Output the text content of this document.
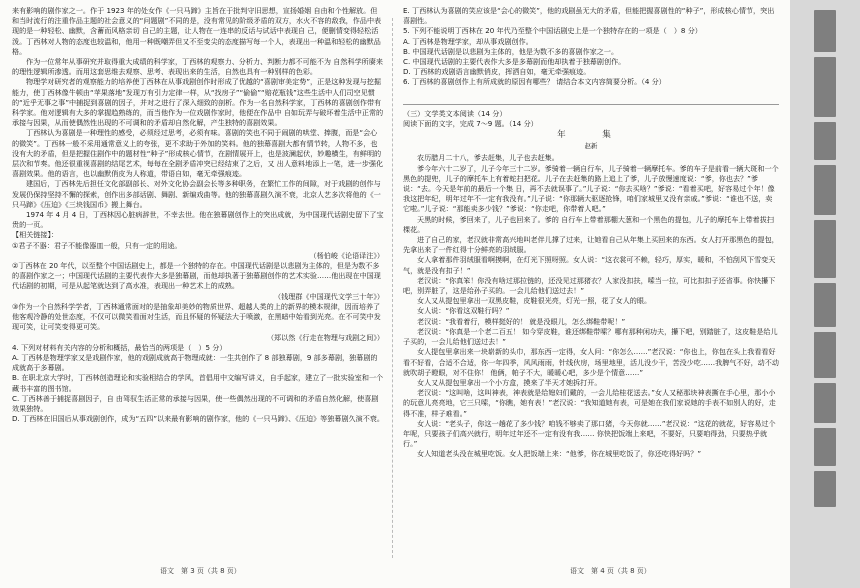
来有影响的剧作家之一。作于 1923 年的处女作《一只马蹄》主旨在于批判守旧思想，宣扬婚姻 自由和个性解放。但和当时流行的注重作品主题的社会意义的“问题剧”不同的是，没有常见的阶级矛盾的双方，水火不容的敌我，作品中表现的是一种轻松、幽默，含蓄而风格亲切 自己的主题，让人物在一连串的反话与试话中表现自 己，便删情变得轻松活泼。丁西林对人物的态度也较温和，他用一种既嘲弄但又不至变尖的态度描写每一个人，表现出一种温和轻松的幽默品格。

作为一位常年从事研究并取得重大成绩的科学家，丁西林的观察力、分析力、判断力都不可能不为 自然科学所赓来的理性逻辑所渗透。而用这套思维去观察、思考、表现出来的生活，自然也具有一种别样的色彩。

物理学对研究者的观察能力的培养使丁西林在从事戏剧创作时形成了优越的“喜剧审美定势”，正是这种发现与挖掘能力，使丁西林像牛顿由“苹果落地”发现万有引力定律一样，从“找房子”“偷偷”“赔花瓶钱”这些生活中人们司空见惯的“近乎无事之事”中捕捉到喜剧的因子，并对之进行了深入细致的剖析。作为一名自然科学家，丁西林的喜剧创作带有科学家。他对逻辑有大多的掌握趋熟练的，而当他作为一位戏剧作家时，他便在作品中 自如玩弄与破坏着生活中正常的承接与因果，从而使偶然性出现的不可调和的矛盾却自然化解，产生独特的喜剧效果。

丁西林认为喜剧是一种理性的感受，必须经过思考，必须有味。喜剧的笑也不同于闹剧的哄堂、捧腹，而是“会心的微笑”。丁西林一般不采用通常意义上的夸张，更不求助于外加的笑料。他的独幕喜剧大都有情节转，人物不多，也没有大的矛盾，但是把握住剧作中的题材性“种子”形成核心情节，在剧情展开上，也是波澜起伏，妙趣横生，有鲜明的层次和节奏。他还很重视喜剧的结尾艺术，每每在全剧矛盾冲突已经结束了之后，又 出人意料地添上一笔，进一步强化喜剧效果。他的语言，也以幽默俏皮为人称道，带语自如，毫无牵强痕迹。

建国后，丁西林先后担任文化部副部长、对外文化协会副会长等多种职务，在繁忙工作的间隙，对于戏剧的创作与发展仍保持坚持不懈的探索，创作出多部话剧、舞剧、新编戏曲等。他的独幕喜剧久演不衰，北京人艺多次将他的《一只马蹄》《压迫》《三块钱国币》搬上舞台。

1974 年 4 月 4 日，丁西林因心脏病辞世，不幸去世。他在独幕剧创作上的突出成就，为中国现代话剧史留下了宝贵的一页。

【相关链接】：

①君子不器：君子不能像器皿一般，只有一定的用途。

（杨伯峻《论语译注》）

②丁西林在 20 年代，以至整个中国话剧史上，都是一个独特的存在。中国现代话剧是以悲剧为主体的，但是为数不多的喜剧作家之一；中国现代话剧的主要代表作大多是独幕剧，而他却执著于独幕剧创作的艺术实验……他出现在中国现代话剧的初期，可是从起笔就达到了高水准，表现出一种艺术上的成熟。

（钱理群《中国现代文学三十年》）

③作为一个自然科学学者，丁西林通常面对的是抽象却美妙的物质世界、超越人类的上的新界的模本规律，因而培养了他客观冷静的处世态度，不仅可以微笑看面对生活，而且怀疑的怀疑法大于喷激，在黑暗中始看到光亮。在不可笑中发现可笑，让可笑变得更可笑。

（郑以然《行走在物理与戏剧之间》）

4. 下列对材料有关内容的分析和概括，最恰当的两项是（　）5 分）

A. 丁西林是物理学家又是戏剧作家，他的戏剧成就高于物理成就：一生共创作了 8 部独幕剧，9 部多幕剧，独幕剧的成就高于多幕剧。

B. 在职北京大学时，丁西林创造理论和实验相结合的学风，首倡用中文编写讲义，自手起家，建立了一批实验室和一个藏书丰富的图书馆。

C. 丁西林善于捕捉喜剧因子，自 由驾驭生活正常的承接与因果，使一些偶然出现的不可调和的矛盾自然化解，使喜剧效果独特。

D. 丁西林在旧国后从事戏剧创作，成为“五四”以来最有影响的剧作家，他的《一只马蹄》、《压迫》等独幕剧久演不衰。

E. 丁西林认为喜剧的笑应该是“会心的微笑”，他的戏剧虽无大的矛盾，但能把握喜剧性的“种子”，形成核心情节，突出喜剧性。

5. 下列不能说明丁西林在 20 年代乃至整个中国话剧史上是一个独特存在的一项是（　）8 分）

A. 丁西林是物理学家，却从事戏剧创作。

B. 中国现代话剧是以悲剧为主体的，他是为数不多的喜剧作家之一。

C. 中国现代话剧的主要代表作大多是多幕剧而他却执着于独幕剧创作。

D. 丁西林的戏剧语言幽默俏皮，挥洒自如，毫无牵强痕迹。

6. 丁西林的喜剧创作上有所成就的原因有哪些？ 请结合本文内容简要分析。（4 分）

（三）文学类文本阅读（14 分）

阅读下面的文字，完成 7～9 题。（14 分）

年　集

赵新

农历腊月二十八，爹去赶集，儿子也去赶集。

爹今年六十二岁了，儿子今年三十二岁。爹骑着一辆自行车，儿子骑着一辆摩托车。爹的车子是前看一辆大斑和一个黑色的提兜，儿子的摩托车上有着蛇扫把花。儿子在去赶集的路上追上了爹，儿子放慢速度说：“爹，你也去？”爹说：“去。今天是年前的最后一个集 日，再不去就误事了。”儿子说：“你去买啥？”爹说：“看着买吧，好容易过个年！像我这把年纪，明年过年不一定有我没有。”儿子说：“你那辆大驱逐抢锋，咱们家城里又没有亲戚。”爹说：“谁也不送，卖它啦。”儿子说：“那能卖多少钱？”爹说：“你走吧，你带着人吧。”

天黑的时候，爹回来了，儿子也回来了。爹的 自行车上带着那棚大葱和一个黑色的提包，儿子的摩托车上带着拔扫棵花。

进了自己的家，老汉就非常高兴地叫老伴儿撑了过来，让她看自己从年集上买回来的东西。女人打开那黑色的提包，先拿出来了一件红得十分鲜亮的羽绒服。

女人拿着那件羽绒服看啊摸啊，在灯光下照呀照。女人说：“这衣裳可不赖，轻巧，厚实，暖和，不怕刮风下雪变天气，就是没有扣子！”

老汉说：“你真笨！你没有啥过那拉链的，还没见过那猪衣？人家没扣扶，嗦当一拉，可比扣扣子还省事。你快攥下吧，别弄脏了，这是给孙子买的。一会儿给他们送过去！”

女人又从提包里拿出一双黑皮鞋，皮鞋很光亮，灯光一照，花了女人的眼。

女人说：“你看这双鞋行吗？”

老汉说：“我看着行，模样挺好的！ 就是没眼儿，怎么绑鞋带呢！”

老汉说：“你真是一个老二百五！ 如今穿皮鞋，谁还绑鞋带嗦？哪有那种闲功夫，攥下吧，别踏脏了，这皮鞋是给儿子买的，一会儿给他们送过去！”

女人提包里拿出来一块崭新的头巾，那东西一定得，女人问：“你怎么……”老汉说：“你也上，你包在头上我看看好看不好看，合适不合适，你一年四季，风风雨雨，针线伙房，场里地里，活儿没少干，苦没少吃……我脾气不好，动不动就吹胡子瞪眼，对不住你！ 他俩，帕子不大，暖暖心吧，多少是个情意……”

女人又从提包里拿出一个小方盒，摸来了半天才她拆打开。

老汉说：“这叫啥，这叫神表，神表就是给媳妇们戴的，一会儿给桂花送去。”女人又秘那块神表撕在手心里，那小小的玩意儿亮亮地，它三只嗦，“你瞧，她有表！”老汉说：“我知道她有表，可是她在我们家说她的手表不如别人的好，走得不准，样子难看。”

女人说：“老头子，你这一趟花了多少钱？咱钱不够卖了那口猪，今天你就……”老汉说：“这花的就花，好容易过个年呢，只要孩子们高兴就行，明年过年还不一定有没有我…… 你快把饭端上来吧，不要好，只要咱得劲，只要热乎就行。”

女人知道老头没在城里吃饭。女人把饭端上来：“他爹，你在城里吃饭了，你还吃得好吗？”

语文　第 3 页（共 8 页）	语文　第 4 页（共 8 页）
